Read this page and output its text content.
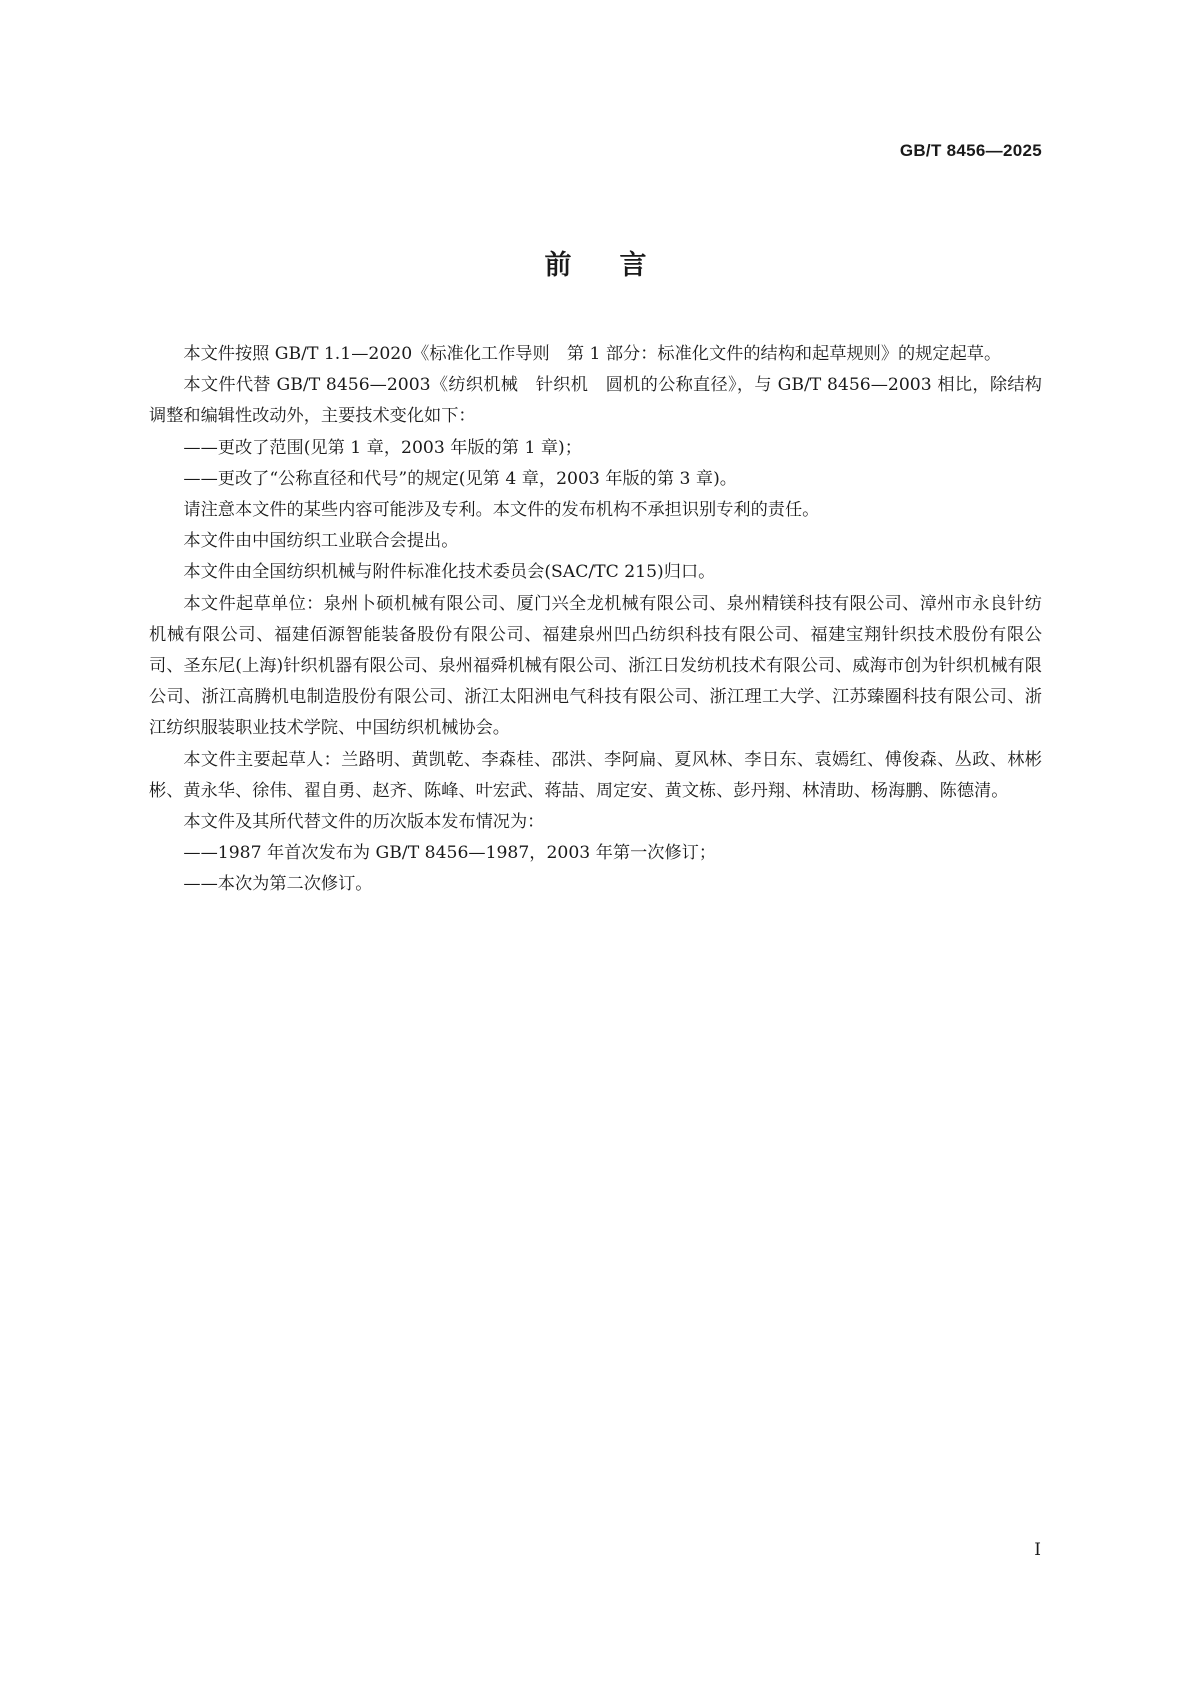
GB/T 8456—2025
前言

本文件按照 GB/T 1.1—2020《标准化工作导则　第 1 部分：标准化文件的结构和起草规则》的规定起草。

本文件代替 GB/T 8456—2003《纺织机械　针织机　圆机的公称直径》，与 GB/T 8456—2003 相比，除结构调整和编辑性改动外，主要技术变化如下：

——更改了范围(见第 1 章，2003 年版的第 1 章)；

——更改了“公称直径和代号”的规定(见第 4 章，2003 年版的第 3 章)。

请注意本文件的某些内容可能涉及专利。本文件的发布机构不承担识别专利的责任。

本文件由中国纺织工业联合会提出。

本文件由全国纺织机械与附件标准化技术委员会(SAC/TC 215)归口。

本文件起草单位：泉州卜硕机械有限公司、厦门兴全龙机械有限公司、泉州精镁科技有限公司、漳州市永良针纺机械有限公司、福建佰源智能装备股份有限公司、福建泉州凹凸纺织科技有限公司、福建宝翔针织技术股份有限公司、圣东尼(上海)针织机器有限公司、泉州福舜机械有限公司、浙江日发纺机技术有限公司、威海市创为针织机械有限公司、浙江高腾机电制造股份有限公司、浙江太阳洲电气科技有限公司、浙江理工大学、江苏臻圈科技有限公司、浙江纺织服装职业技术学院、中国纺织机械协会。

本文件主要起草人：兰路明、黄凯乾、李森桂、邵洪、李阿扁、夏风林、李日东、袁嫣红、傅俊森、丛政、林彬彬、黄永华、徐伟、翟自勇、赵齐、陈峰、叶宏武、蒋喆、周定安、黄文栋、彭丹翔、林清助、杨海鹏、陈德清。

本文件及其所代替文件的历次版本发布情况为：

——1987 年首次发布为 GB/T 8456—1987，2003 年第一次修订；

——本次为第二次修订。

I
